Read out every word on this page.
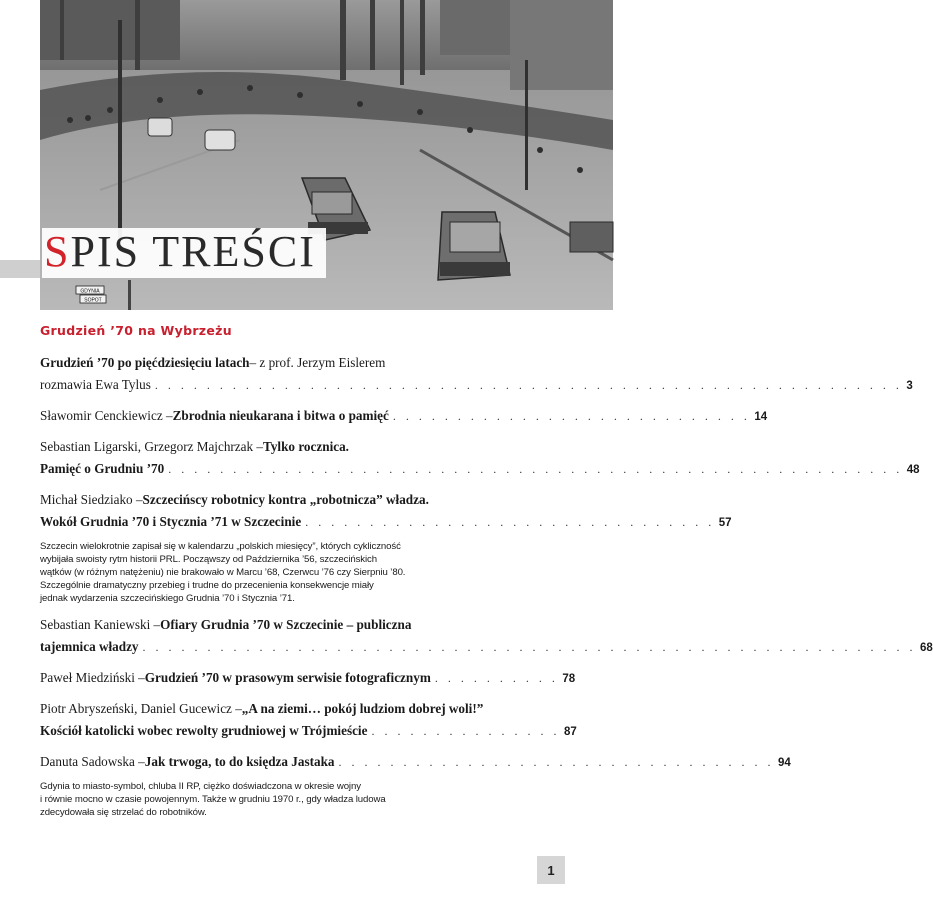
GDYNIA
SOPOT
SPIS TREŚCI
Grudzień ’70 na Wybrzeżu
Grudzień ’70 po pięćdziesięciu latach – z prof. Jerzym Eislerem
rozmawia Ewa Tylus . . . . . . . . . . . . . . . . . . . . . . . . . . . . . . . . . . . . . . . . . . . . . . . . . . . . . . . . . . 3
Sławomir Cenckiewicz – Zbrodnia nieukarana i bitwa o pamięć . . . . . . . . . . . . . . . . . . . . . . . . . . . . 14
Sebastian Ligarski, Grzegorz Majchrzak – Tylko rocznica.
Pamięć o Grudniu ’70 . . . . . . . . . . . . . . . . . . . . . . . . . . . . . . . . . . . . . . . . . . . . . . . . . . . . . . . . . 48
Michał Siedziako – Szczecińscy robotnicy kontra „robotnicza” władza.
Wokół Grudnia ’70 i Stycznia ’71 w Szczecinie . . . . . . . . . . . . . . . . . . . . . . . . . . . . . . . . 57
Szczecin wielokrotnie zapisał się w kalendarzu „polskich miesięcy”, których cykliczność
wybijała swoisty rytm historii PRL. Począwszy od Października ’56, szczecińskich
wątków (w różnym natężeniu) nie brakowało w Marcu ’68, Czerwcu ’76 czy Sierpniu ’80.
Szczególnie dramatyczny przebieg i trudne do przecenienia konsekwencje miały
jednak wydarzenia szczecińskiego Grudnia ’70 i Stycznia ’71.
Sebastian Kaniewski – Ofiary Grudnia ’70 w Szczecinie – publiczna
tajemnica władzy . . . . . . . . . . . . . . . . . . . . . . . . . . . . . . . . . . . . . . . . . . . . . . . . . . . . . . . . . . . . 68
Paweł Miedziński – Grudzień ’70 w prasowym serwisie fotograficznym . . . . . . . . . . 78
Piotr Abryszeński, Daniel Gucewicz – „A na ziemi… pokój ludziom dobrej woli!”
Kościół katolicki wobec rewolty grudniowej w Trójmieście . . . . . . . . . . . . . . . 87
Danuta Sadowska – Jak trwoga, to do księdza Jastaka . . . . . . . . . . . . . . . . . . . . . . . . . . . . . . . . . . 94
Gdynia to miasto-symbol, chluba II RP, ciężko doświadczona w okresie wojny
i równie mocno w czasie powojennym. Także w grudniu 1970 r., gdy władza ludowa
zdecydowała się strzelać do robotników.
1
